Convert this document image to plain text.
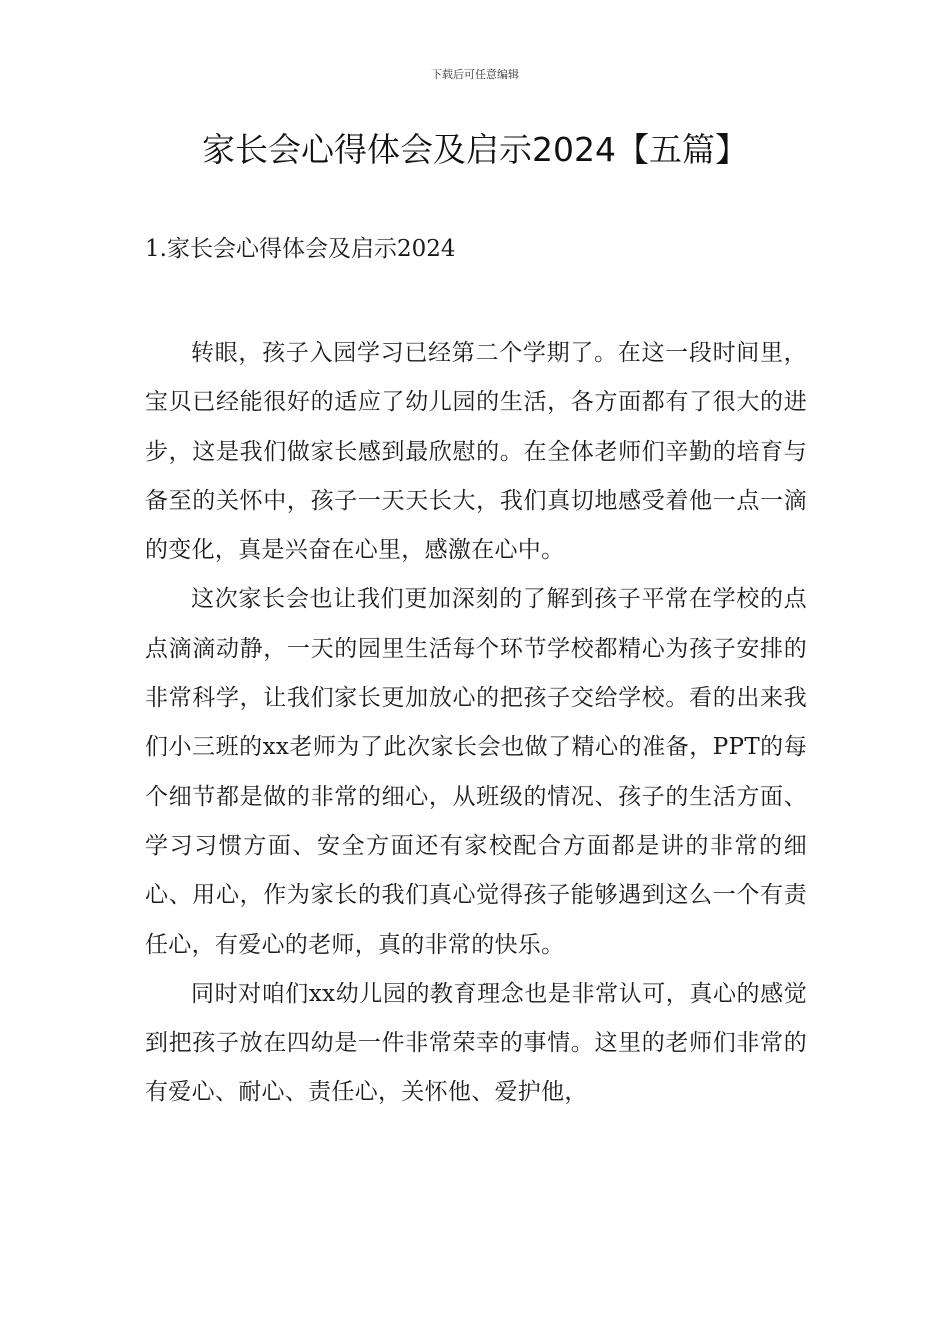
下载后可任意编辑
家长会心得体会及启示2024【五篇】
1.家长会心得体会及启示2024

转眼，孩子入园学习已经第二个学期了。在这一段时间里，宝贝已经能很好的适应了幼儿园的生活，各方面都有了很大的进步，这是我们做家长感到最欣慰的。在全体老师们辛勤的培育与备至的关怀中，孩子一天天长大，我们真切地感受着他一点一滴的变化，真是兴奋在心里，感激在心中。

这次家长会也让我们更加深刻的了解到孩子平常在学校的点点滴滴动静，一天的园里生活每个环节学校都精心为孩子安排的非常科学，让我们家长更加放心的把孩子交给学校。看的出来我们小三班的xx老师为了此次家长会也做了精心的准备，PPT的每个细节都是做的非常的细心，从班级的情况、孩子的生活方面、学习习惯方面、安全方面还有家校配合方面都是讲的非常的细心、用心，作为家长的我们真心觉得孩子能够遇到这么一个有责任心，有爱心的老师，真的非常的快乐。

同时对咱们xx幼儿园的教育理念也是非常认可，真心的感觉到把孩子放在四幼是一件非常荣幸的事情。这里的老师们非常的有爱心、耐心、责任心，关怀他、爱护他，
